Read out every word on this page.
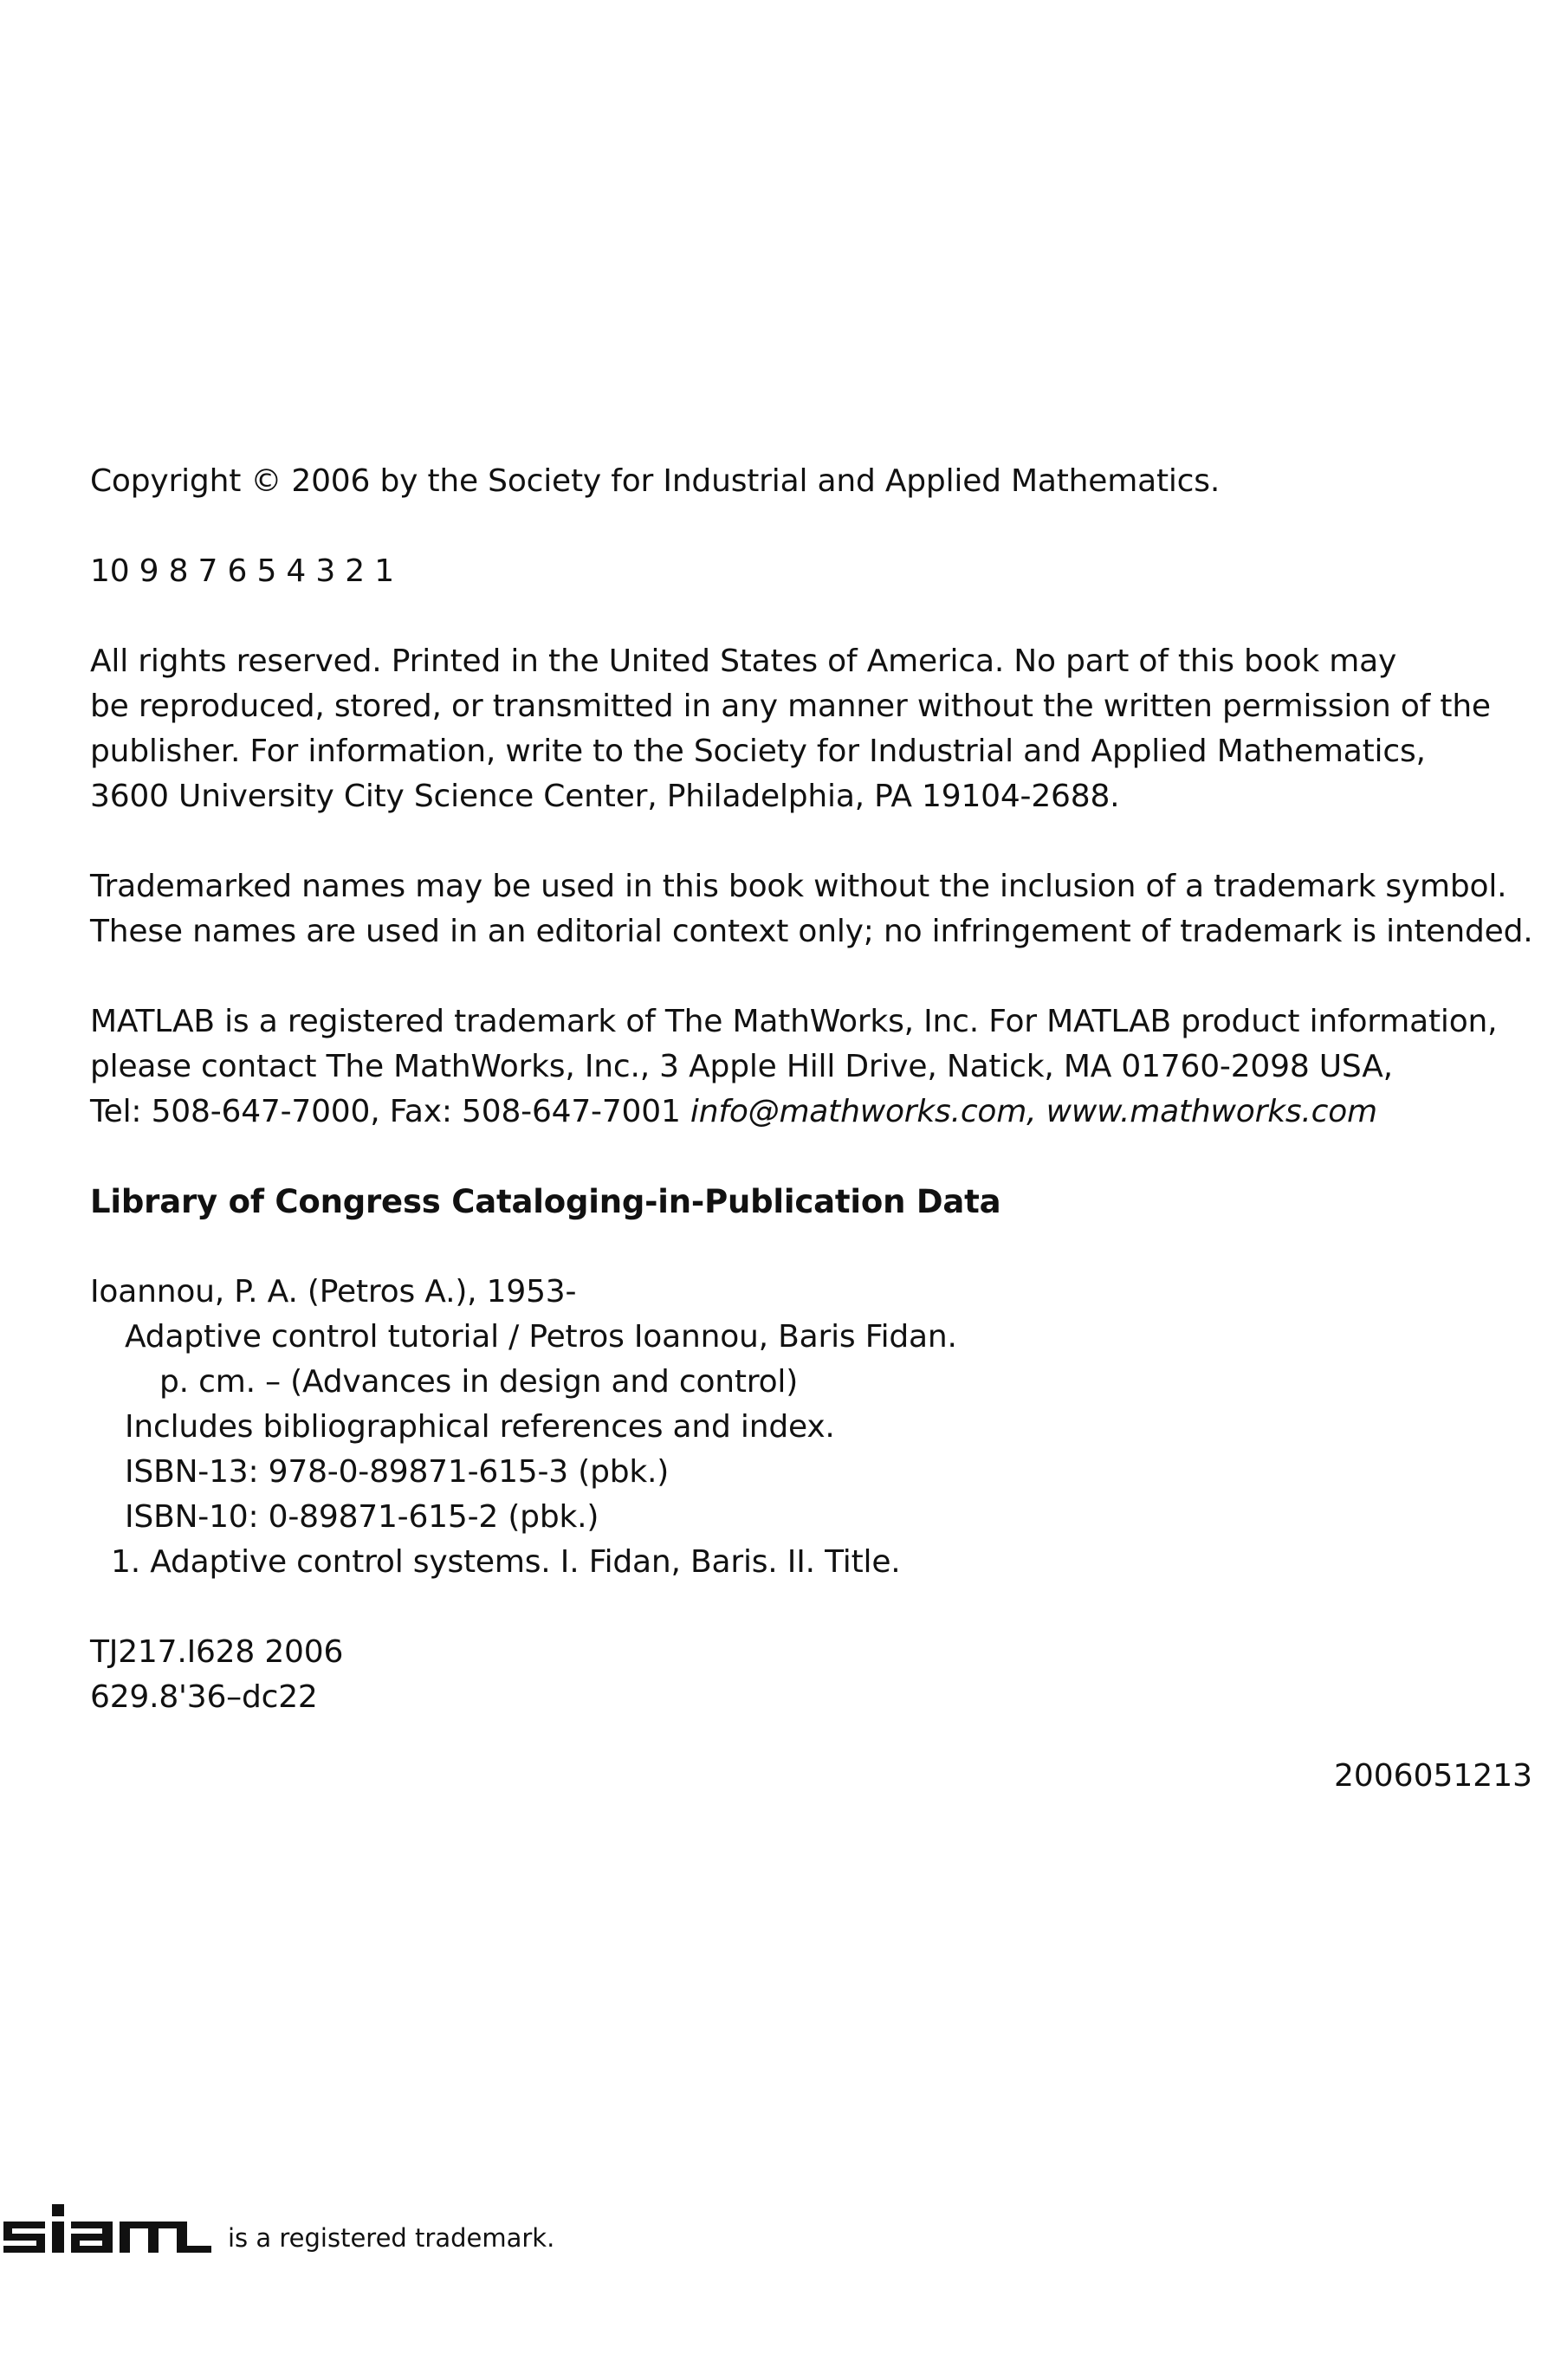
Copyright © 2006 by the Society for Industrial and Applied Mathematics.

10 9 8 7 6 5 4 3 2 1

All rights reserved. Printed in the United States of America. No part of this book may
be reproduced, stored, or transmitted in any manner without the written permission of the
publisher. For information, write to the Society for Industrial and Applied Mathematics,
3600 University City Science Center, Philadelphia, PA 19104-2688.

Trademarked names may be used in this book without the inclusion of a trademark symbol.
These names are used in an editorial context only; no infringement of trademark is intended.

MATLAB is a registered trademark of The MathWorks, Inc. For MATLAB product information,
please contact The MathWorks, Inc., 3 Apple Hill Drive, Natick, MA 01760-2098 USA,
Tel: 508-647-7000, Fax: 508-647-7001 info@mathworks.com, www.mathworks.com

Library of Congress Cataloging-in-Publication Data

Ioannou, P. A. (Petros A.), 1953-
Adaptive control tutorial / Petros Ioannou, Baris Fidan.
p. cm. – (Advances in design and control)
Includes bibliographical references and index.
ISBN-13: 978-0-89871-615-3 (pbk.)
ISBN-10: 0-89871-615-2 (pbk.)
1. Adaptive control systems. I. Fidan, Baris. II. Title.

TJ217.I628 2006
629.8'36–dc22

2006051213
is a registered trademark.
